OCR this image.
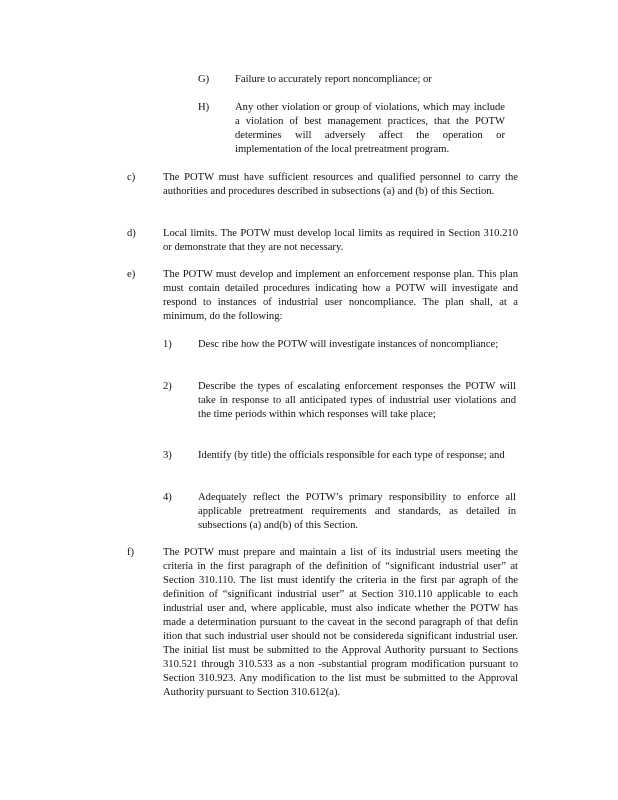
G) Failure to accurately report noncompliance; or

H) Any other violation or group of violations, which may include a violation of best management practices, that the POTW determines will adversely affect the operation or implementation of the local pretreatment program.

c)	The POTW must have sufficient resources and qualified personnel to carry the authorities and procedures described in subsections (a) and (b) of this Section.

d)	Local limits. The POTW must develop local limits as required in Section 310.210 or demonstrate that they are not necessary.

e)	The POTW must develop and implement an enforcement response plan. This plan must contain detailed procedures indicating how a POTW will investigate and respond to instances of industrial user noncompliance. The plan shall, at a minimum, do the following:

1) Desc ribe how the POTW will investigate instances of noncompliance;

2) Describe the types of escalating enforcement responses the POTW will take in response to all anticipated types of industrial user violations and the time periods within which responses will take place;

3) Identify (by title) the officials responsible for each type of response; and

4) Adequately reflect the POTW’s primary responsibility to enforce all applicable pretreatment requirements and standards, as detailed in subsections (a) and(b) of this Section.

f)	The POTW must prepare and maintain a list of its industrial users meeting the criteria in the first paragraph of the definition of “significant industrial user” at Section 310.110. The list must identify the criteria in the first par agraph of the definition of “significant industrial user” at Section 310.110 applicable to each industrial user and, where applicable, must also indicate whether the POTW has made a determination pursuant to the caveat in the second paragraph of that defin ition that such industrial user should not be considereda significant industrial user. The initial list must be submitted to the Approval Authority pursuant to Sections 310.521 through 310.533 as a non -substantial program modification pursuant to Section 310.923. Any modification to the list must be submitted to the Approval Authority pursuant to Section 310.612(a).
